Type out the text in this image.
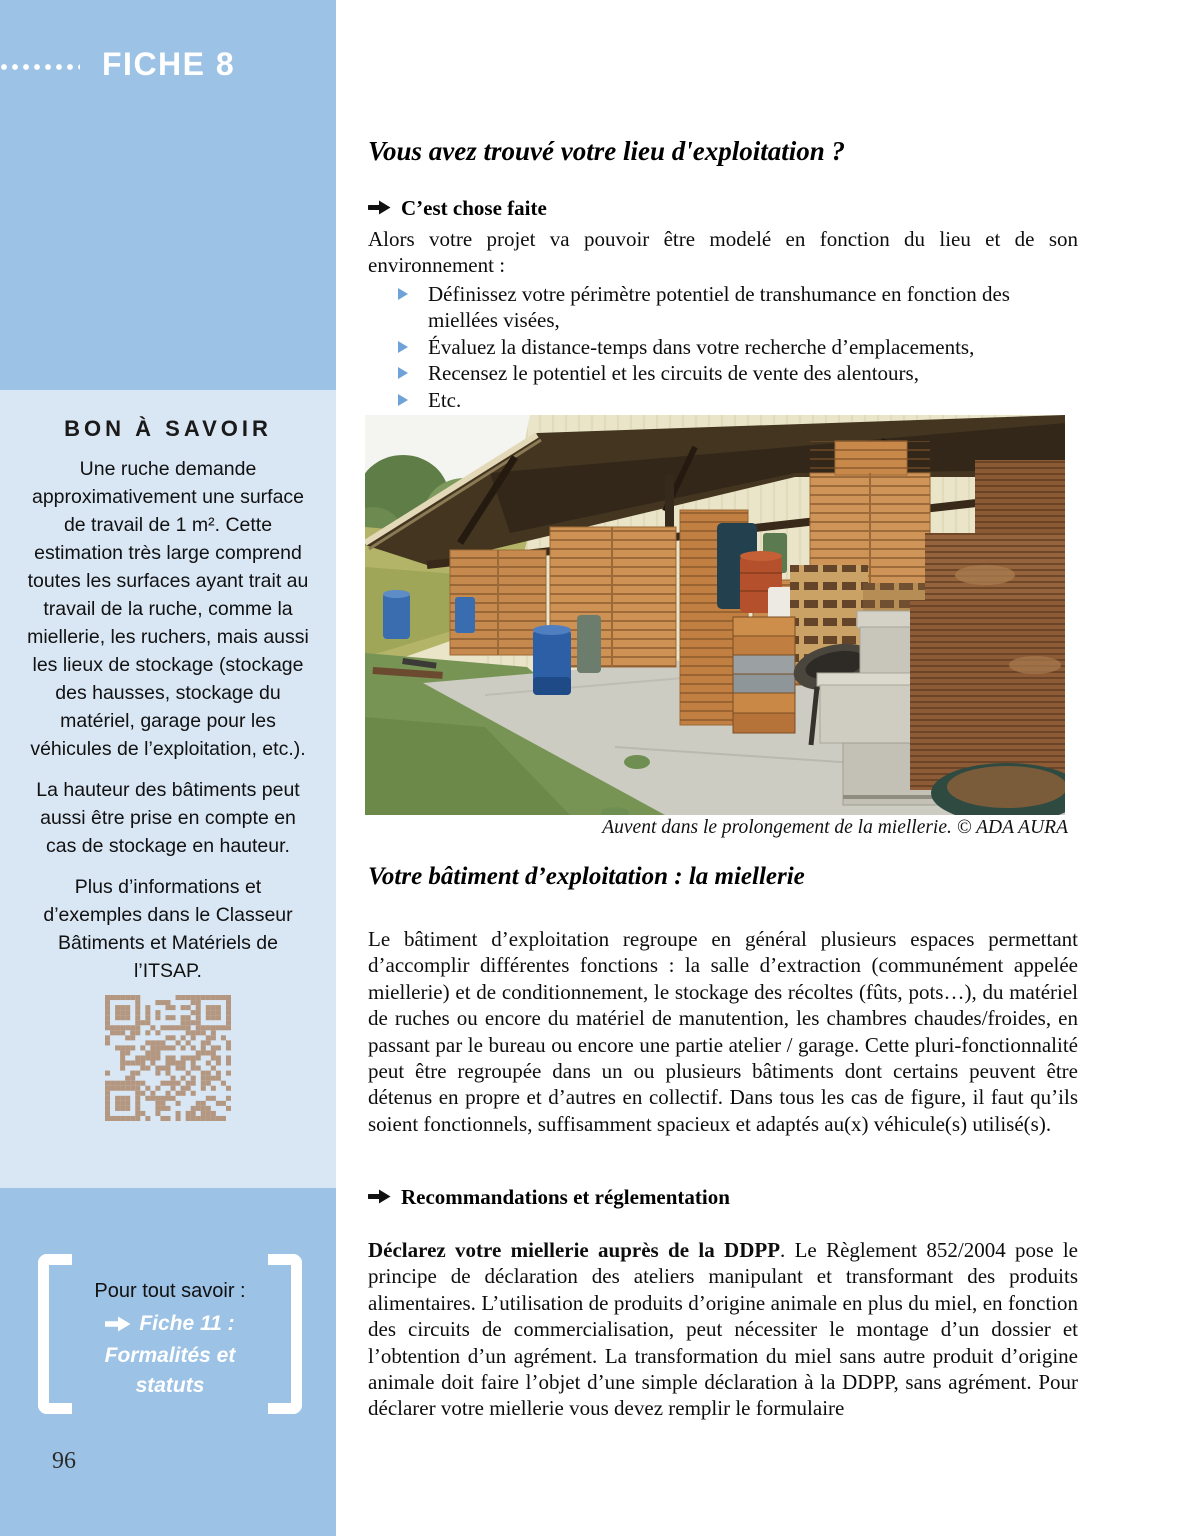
FICHE 8
BON À SAVOIR

Une ruche demande approximativement une surface de travail de 1 m². Cette estimation très large comprend toutes les surfaces ayant trait au travail de la ruche, comme la miellerie, les ruchers, mais aussi les lieux de stockage (stockage des hausses, stockage du matériel, garage pour les véhicules de l’exploitation, etc.).

La hauteur des bâtiments peut aussi être prise en compte en cas de stockage en hauteur.

Plus d’informations et d’exemples dans le Classeur Bâtiments et Matériels de l’ITSAP.

Pour tout savoir :
Fiche 11 :
Formalités et statuts
96
Vous avez trouvé votre lieu d'exploitation ?
C’est chose faite
Alors votre projet va pouvoir être modelé en fonction du lieu et de son environnement :
Définissez votre périmètre potentiel de transhumance en fonction des miellées visées,
Évaluez la distance-temps dans votre recherche d’emplacements,
Recensez le potentiel et les circuits de vente des alentours,
Etc.
Auvent dans le prolongement de la miellerie. © ADA AURA
Votre bâtiment d’exploitation : la miellerie
Le bâtiment d’exploitation regroupe en général plusieurs espaces permettant d’accomplir différentes fonctions : la salle d’extraction (communément appelée miellerie) et de conditionnement, le stockage des récoltes (fûts, pots…), du matériel de ruches ou encore du matériel de manutention, les chambres chaudes/froides, en passant par le bureau ou encore une partie atelier / garage. Cette pluri-fonctionnalité peut être regroupée dans un ou plusieurs bâtiments dont certains peuvent être détenus en propre et d’autres en collectif. Dans tous les cas de figure, il faut qu’ils soient fonctionnels, suffisamment spacieux et adaptés au(x) véhicule(s) utilisé(s).
Recommandations et réglementation
Déclarez votre miellerie auprès de la DDPP. Le Règlement 852/2004 pose le principe de déclaration des ateliers manipulant et transformant des produits alimentaires. L’utilisation de produits d’origine animale en plus du miel, en fonction des circuits de commercialisation, peut nécessiter le montage d’un dossier et l’obtention d’un agrément. La transformation du miel sans autre produit d’origine animale doit faire l’objet d’une simple déclaration à la DDPP, sans agrément. Pour déclarer votre miellerie vous devez remplir le formulaire
